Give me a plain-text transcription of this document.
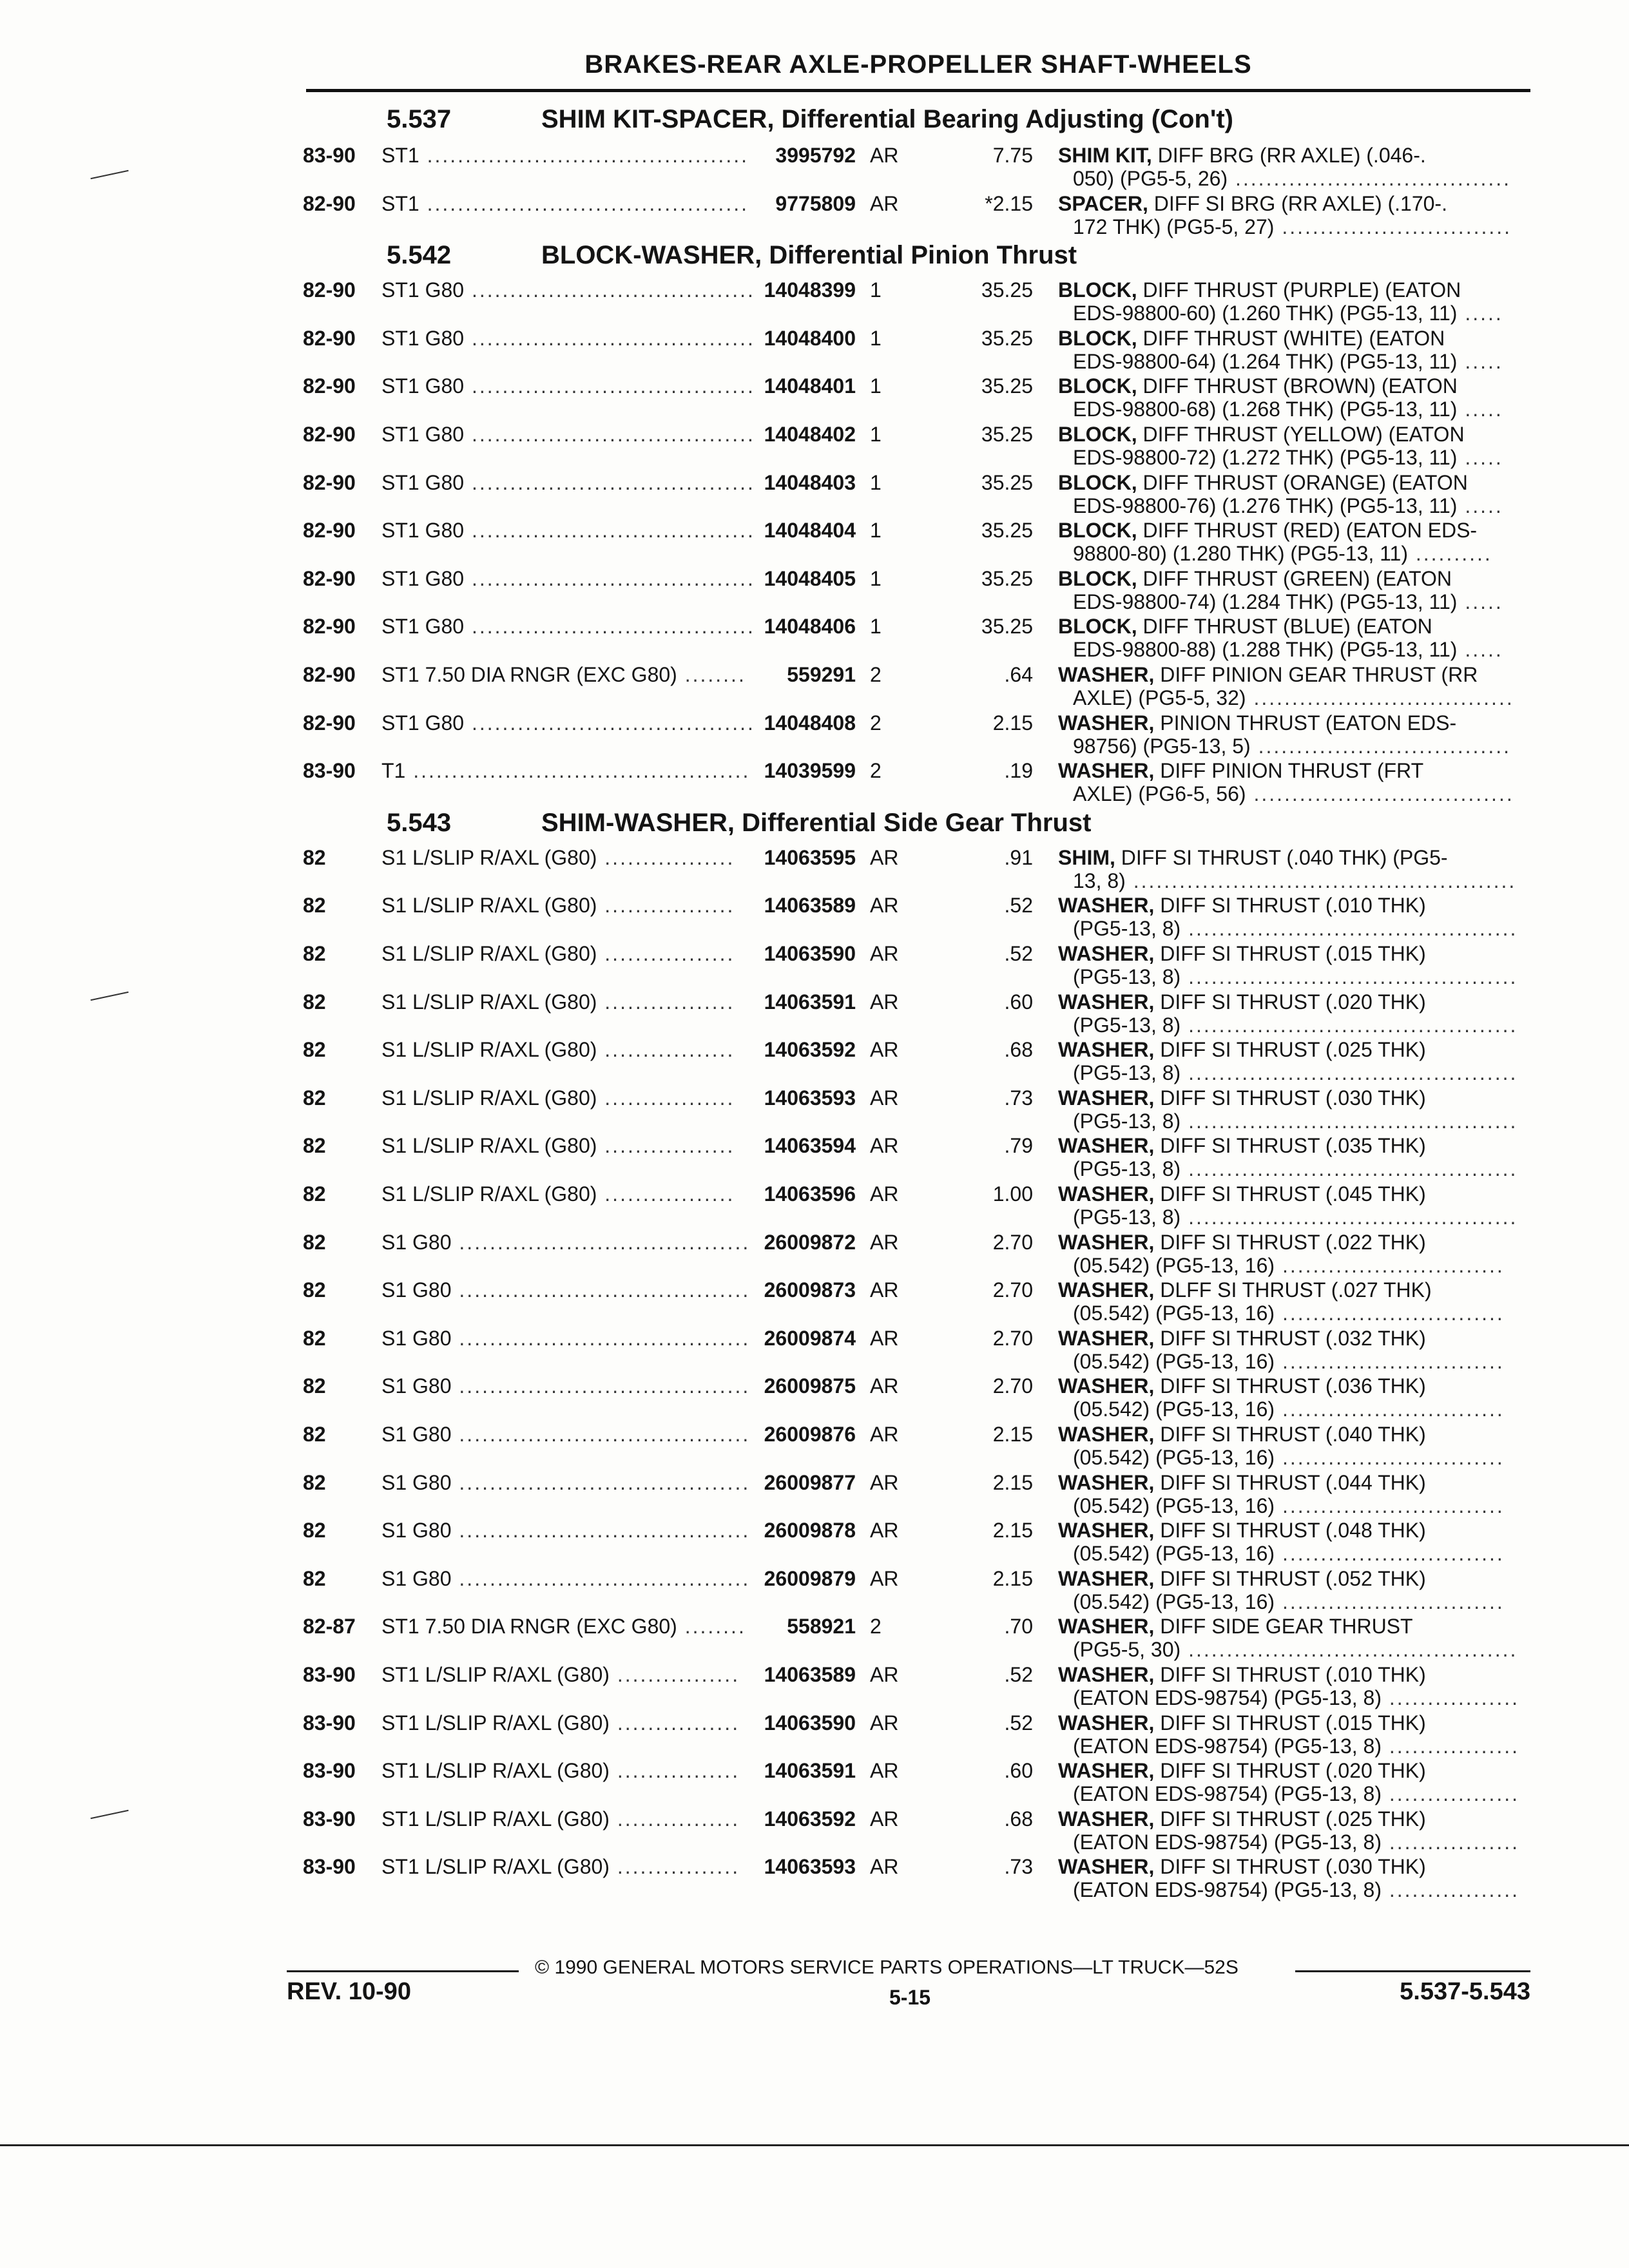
BRAKES-REAR AXLE-PROPELLER SHAFT-WHEELS
5.537	SHIM KIT-SPACER, Differential Bearing Adjusting (Con't)
83-90 ST1 .......................................... 3995792 AR	7.75 SHIM KIT, DIFF BRG (RR AXLE) (.046-.
050) (PG5-5, 26) ....................................
82-90 ST1 .......................................... 9775809 AR	*2.15 SPACER, DIFF SI BRG (RR AXLE) (.170-.
172 THK) (PG5-5, 27) ..............................
5.542	BLOCK-WASHER, Differential Pinion Thrust
82-90 ST1 G80 ..................................... 14048399 1	35.25 BLOCK, DIFF THRUST (PURPLE) (EATON
EDS-98800-60) (1.260 THK) (PG5-13, 11) .....
82-90 ST1 G80 ..................................... 14048400 1	35.25 BLOCK, DIFF THRUST (WHITE) (EATON
EDS-98800-64) (1.264 THK) (PG5-13, 11) .....
82-90 ST1 G80 ..................................... 14048401 1	35.25 BLOCK, DIFF THRUST (BROWN) (EATON
EDS-98800-68) (1.268 THK) (PG5-13, 11) .....
82-90 ST1 G80 ..................................... 14048402 1	35.25 BLOCK, DIFF THRUST (YELLOW) (EATON
EDS-98800-72) (1.272 THK) (PG5-13, 11) .....
82-90 ST1 G80 ..................................... 14048403 1	35.25 BLOCK, DIFF THRUST (ORANGE) (EATON
EDS-98800-76) (1.276 THK) (PG5-13, 11) .....
82-90 ST1 G80 ..................................... 14048404 1	35.25 BLOCK, DIFF THRUST (RED) (EATON EDS-
98800-80) (1.280 THK) (PG5-13, 11) ..........
82-90 ST1 G80 ..................................... 14048405 1	35.25 BLOCK, DIFF THRUST (GREEN) (EATON
EDS-98800-74) (1.284 THK) (PG5-13, 11) .....
82-90 ST1 G80 ..................................... 14048406 1	35.25 BLOCK, DIFF THRUST (BLUE) (EATON
EDS-98800-88) (1.288 THK) (PG5-13, 11) .....
82-90 ST1 7.50 DIA RNGR (EXC G80) ........ 559291 2	.64 WASHER, DIFF PINION GEAR THRUST (RR
AXLE) (PG5-5, 32) ..................................
82-90 ST1 G80 ..................................... 14048408 2	2.15 WASHER, PINION THRUST (EATON EDS-
98756) (PG5-13, 5) .................................
83-90 T1 ............................................ 14039599 2	.19 WASHER, DIFF PINION THRUST (FRT
AXLE) (PG6-5, 56) ..................................
5.543	SHIM-WASHER, Differential Side Gear Thrust
82	S1 L/SLIP R/AXL (G80) ................. 14063595 AR	.91 SHIM, DIFF SI THRUST (.040 THK) (PG5-
13, 8) ..................................................
82	S1 L/SLIP R/AXL (G80) ................. 14063589 AR	.52 WASHER, DIFF SI THRUST (.010 THK)
(PG5-13, 8) ...........................................
82	S1 L/SLIP R/AXL (G80) ................. 14063590 AR	.52 WASHER, DIFF SI THRUST (.015 THK)
(PG5-13, 8) ...........................................
82	S1 L/SLIP R/AXL (G80) ................. 14063591 AR	.60 WASHER, DIFF SI THRUST (.020 THK)
(PG5-13, 8) ...........................................
82	S1 L/SLIP R/AXL (G80) ................. 14063592 AR	.68 WASHER, DIFF SI THRUST (.025 THK)
(PG5-13, 8) ...........................................
82	S1 L/SLIP R/AXL (G80) ................. 14063593 AR	.73 WASHER, DIFF SI THRUST (.030 THK)
(PG5-13, 8) ...........................................
82	S1 L/SLIP R/AXL (G80) ................. 14063594 AR	.79 WASHER, DIFF SI THRUST (.035 THK)
(PG5-13, 8) ...........................................
82	S1 L/SLIP R/AXL (G80) ................. 14063596 AR	1.00 WASHER, DIFF SI THRUST (.045 THK)
(PG5-13, 8) ...........................................
82	S1 G80 ...................................... 26009872 AR	2.70 WASHER, DIFF SI THRUST (.022 THK)
(05.542) (PG5-13, 16) .............................
82	S1 G80 ...................................... 26009873 AR	2.70 WASHER, DLFF SI THRUST (.027 THK)
(05.542) (PG5-13, 16) .............................
82	S1 G80 ...................................... 26009874 AR	2.70 WASHER, DIFF SI THRUST (.032 THK)
(05.542) (PG5-13, 16) .............................
82	S1 G80 ...................................... 26009875 AR	2.70 WASHER, DIFF SI THRUST (.036 THK)
(05.542) (PG5-13, 16) .............................
82	S1 G80 ...................................... 26009876 AR	2.15 WASHER, DIFF SI THRUST (.040 THK)
(05.542) (PG5-13, 16) .............................
82	S1 G80 ...................................... 26009877 AR	2.15 WASHER, DIFF SI THRUST (.044 THK)
(05.542) (PG5-13, 16) .............................
82	S1 G80 ...................................... 26009878 AR	2.15 WASHER, DIFF SI THRUST (.048 THK)
(05.542) (PG5-13, 16) .............................
82	S1 G80 ...................................... 26009879 AR	2.15 WASHER, DIFF SI THRUST (.052 THK)
(05.542) (PG5-13, 16) .............................
82-87 ST1 7.50 DIA RNGR (EXC G80) ........ 558921 2	.70 WASHER, DIFF SIDE GEAR THRUST
(PG5-5, 30) ...........................................
83-90 ST1 L/SLIP R/AXL (G80) ................ 14063589 AR	.52 WASHER, DIFF SI THRUST (.010 THK)
(EATON EDS-98754) (PG5-13, 8) .................
83-90 ST1 L/SLIP R/AXL (G80) ................ 14063590 AR	.52 WASHER, DIFF SI THRUST (.015 THK)
(EATON EDS-98754) (PG5-13, 8) .................
83-90 ST1 L/SLIP R/AXL (G80) ................ 14063591 AR	.60 WASHER, DIFF SI THRUST (.020 THK)
(EATON EDS-98754) (PG5-13, 8) .................
83-90 ST1 L/SLIP R/AXL (G80) ................ 14063592 AR	.68 WASHER, DIFF SI THRUST (.025 THK)
(EATON EDS-98754) (PG5-13, 8) .................
83-90 ST1 L/SLIP R/AXL (G80) ................ 14063593 AR	.73 WASHER, DIFF SI THRUST (.030 THK)
(EATON EDS-98754) (PG5-13, 8) .................
© 1990 GENERAL MOTORS SERVICE PARTS OPERATIONS—LT TRUCK—52S
REV. 10-90	5-15	5.537-5.543
